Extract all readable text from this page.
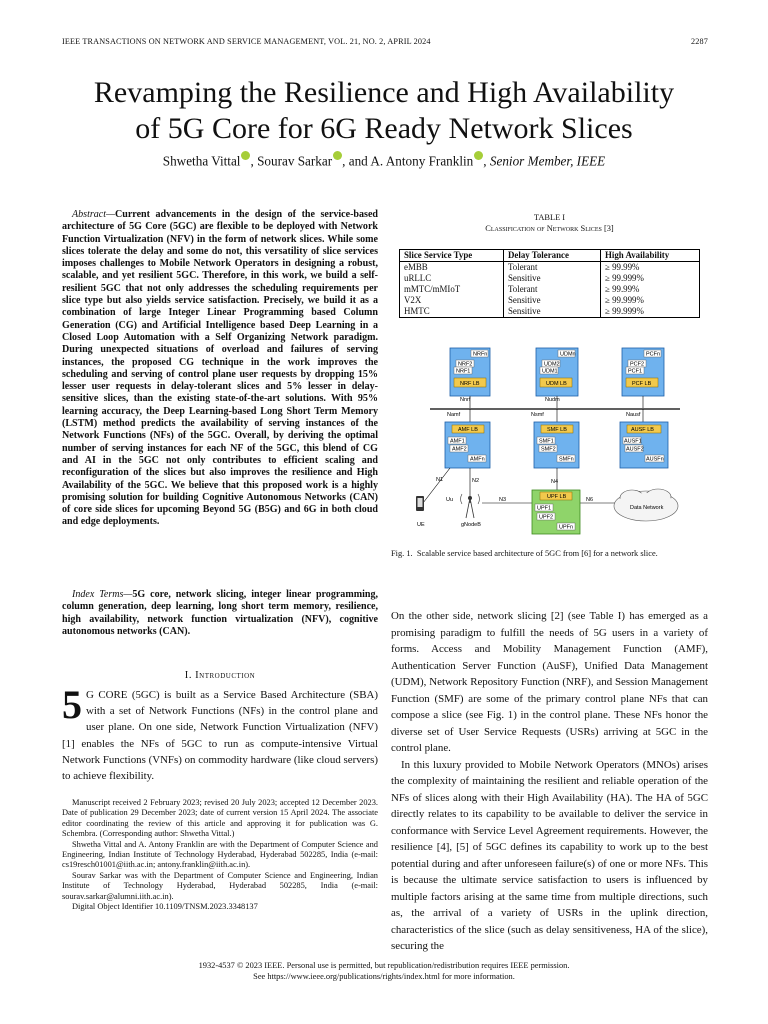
IEEE TRANSACTIONS ON NETWORK AND SERVICE MANAGEMENT, VOL. 21, NO. 2, APRIL 2024	2287
Revamping the Resilience and High Availability
of 5G Core for 6G Ready Network Slices
Shwetha Vittal , Sourav Sarkar , and A. Antony Franklin , Senior Member, IEEE
Abstract—Current advancements in the design of the service-based architecture of 5G Core (5GC) are flexible to be deployed with Network Function Virtualization (NFV) in the form of network slices. While some slices tolerate the delay and some do not, this versatility of slice services imposes challenges to Mobile Network Operators in designing a robust, scalable, and yet resilient 5GC. Therefore, in this work, we build a self-resilient 5GC that not only addresses the scheduling requirements per slice type but also yields service satisfaction. Precisely, we build it as a combination of large Integer Linear Programming based Column Generation (CG) and Artificial Intelligence based Deep Learning in a Closed Loop Automation with a Self Organizing Network paradigm. During unexpected situations of overload and failures of serving instances, the proposed CG technique in the work improves the scheduling and serving of control plane user requests by dropping 15% lesser user requests in delay-tolerant slices and 5% lesser in delay-sensitive slices, than the existing state-of-the-art solutions. With 95% learning accuracy, the Deep Learning-based Long Short Term Memory (LSTM) method predicts the availability of serving instances of the Network Functions (NFs) of the 5GC. Overall, by deriving the optimal number of serving instances for each NF of the 5GC, this blend of CG and AI in the 5GC not only contributes to efficient scaling and reconfiguration of the slices but also improves the resilience and High Availability of the 5GC. We believe that this proposed work is a highly promising solution for building Cognitive Autonomous Networks (CAN) of core side slices for upcoming Beyond 5G (B5G) and 6G in both cloud and edge deployments.
Index Terms—5G core, network slicing, integer linear programming, column generation, deep learning, long short term memory, resilience, high availability, network function virtualization (NFV), cognitive autonomous networks (CAN).
I. Introduction
5 G CORE (5GC) is built as a Service Based Architecture (SBA) with a set of Network Functions (NFs) in the control plane and user plane. On one side, Network Function Virtualization (NFV) [1] enables the NFs of 5GC to run as compute-intensive Virtual Network Functions (VNFs) on commodity hardware (like cloud servers) to achieve flexibility.

Manuscript received 2 February 2023; revised 20 July 2023; accepted 12 December 2023. Date of publication 29 December 2023; date of current version 15 April 2024. The associate editor coordinating the review of this article and approving it for publication was G. Schembra. (Corresponding author: Shwetha Vittal.)

Shwetha Vittal and A. Antony Franklin are with the Department of Computer Science and Engineering, Indian Institute of Technology Hyderabad, Hyderabad 502285, India (e-mail: cs19resch01001@iith.ac.in; antony.franklin@iith.ac.in).

Sourav Sarkar was with the Department of Computer Science and Engineering, Indian Institute of Technology Hyderabad, Hyderabad 502285, India (e-mail: sourav.sarkar@alumni.iith.ac.in).

Digital Object Identifier 10.1109/TNSM.2023.3348137

TABLE I
Classification of Network Slices [3]
Slice Service Type	Delay Tolerance	High Availability
eMBB	Tolerant	≥ 99.99%
uRLLC	Sensitive	≥ 99.999%
mMTC/mMIoT	Tolerant	≥ 99.99%
V2X	Sensitive	≥ 99.999%
HMTC	Sensitive	≥ 99.999%
NRFn
NRF2
NRF1
NRF LB
UDMn
UDM2
UDM1
UDM LB
PCFn
PCF2
PCF1
PCF LB
Nnrf	Nudm
Namf	Nsmf	Nausf
AMF LB
AMF1
AMF2
AMFn
SMF LB
SMF1
SMF2
SMFn
AUSF LB
AUSF1
AUSF2
AUSFn
N1	N2
N3
N4
N6
Uu
UE	gNodeB
UPF LB
UPF1
UPF2
UPFn
Data Network
Fig. 1. Scalable service based architecture of 5GC from [6] for a network slice.

On the other side, network slicing [2] (see Table I) has emerged as a promising paradigm to fulfill the needs of 5G users in a variety of forms. Access and Mobility Management Function (AMF), Authentication Server Function (AuSF), Unified Data Management (UDM), Network Repository Function (NRF), and Session Management Function (SMF) are some of the primary control plane NFs that can compose a slice (see Fig. 1) in the control plane. These NFs honor the diverse set of User Service Requests (USRs) arriving at 5GC in the control plane.

In this luxury provided to Mobile Network Operators (MNOs) arises the complexity of maintaining the resilient and reliable operation of the NFs of slices along with their High Availability (HA). The HA of 5GC directly relates to its capability to be available to deliver the service in conformance with Service Level Agreement requirements. However, the resilience [4], [5] of 5GC defines its capability to work up to the best potential during and after unforeseen failure(s) of one or more NFs. This is because the ultimate service satisfaction to users is influenced by multiple factors arising at the same time from multiple directions, such as, the arrival of a variety of USRs in the uplink direction, characteristics of the slice (such as delay sensitiveness, HA of the slice), securing the

1932-4537 © 2023 IEEE. Personal use is permitted, but republication/redistribution requires IEEE permission.
See https://www.ieee.org/publications/rights/index.html for more information.
